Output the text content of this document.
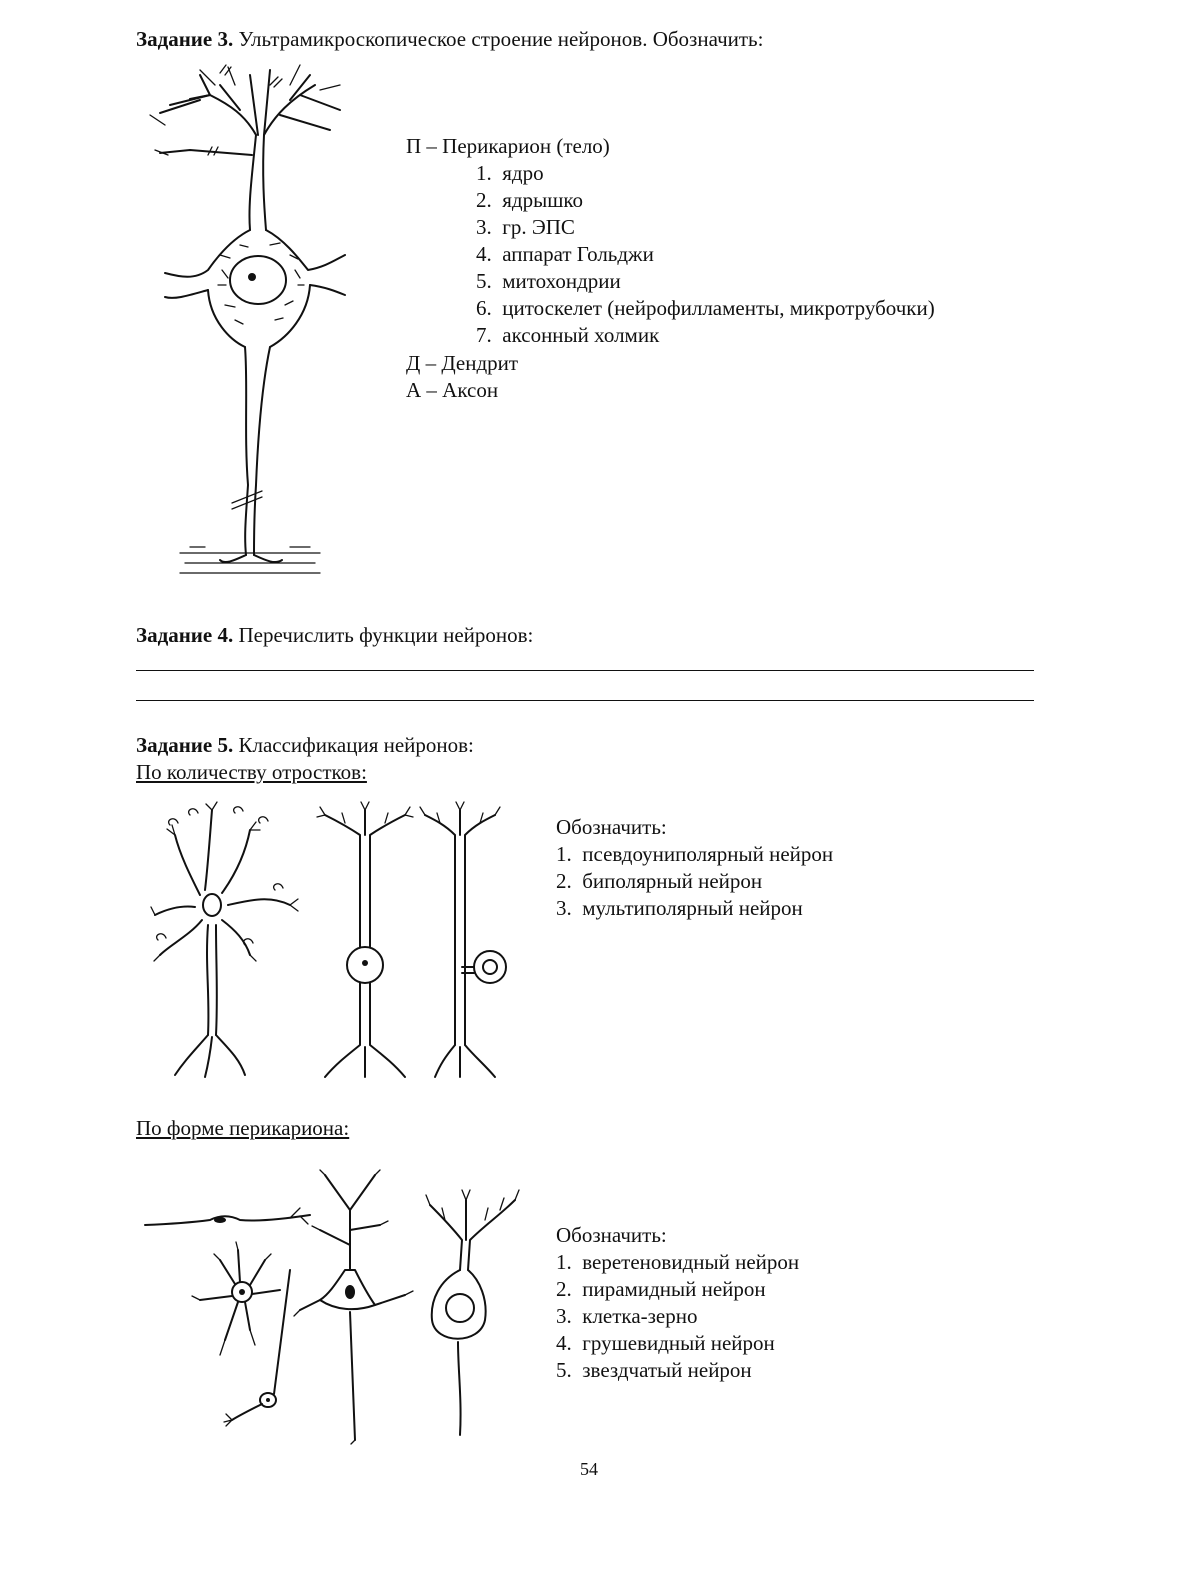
Задание 3. Ультрамикроскопическое строение нейронов. Обозначить:
П – Перикарион (тело)
1. ядро
2. ядрышко
3. гр. ЭПС
4. аппарат Гольджи
5. митохондрии
6. цитоскелет (нейрофилламенты, микротрубочки)
7. аксонный холмик
Д – Дендрит
А – Аксон
Задание 4. Перечислить функции нейронов:
Задание 5. Классификация нейронов:
По количеству отростков:
Обозначить:
1. псевдоуниполярный нейрон
2. биполярный нейрон
3. мультиполярный нейрон
По форме перикариона:
Обозначить:
1. веретеновидный нейрон
2. пирамидный нейрон
3. клетка-зерно
4. грушевидный нейрон
5. звездчатый нейрон
54
